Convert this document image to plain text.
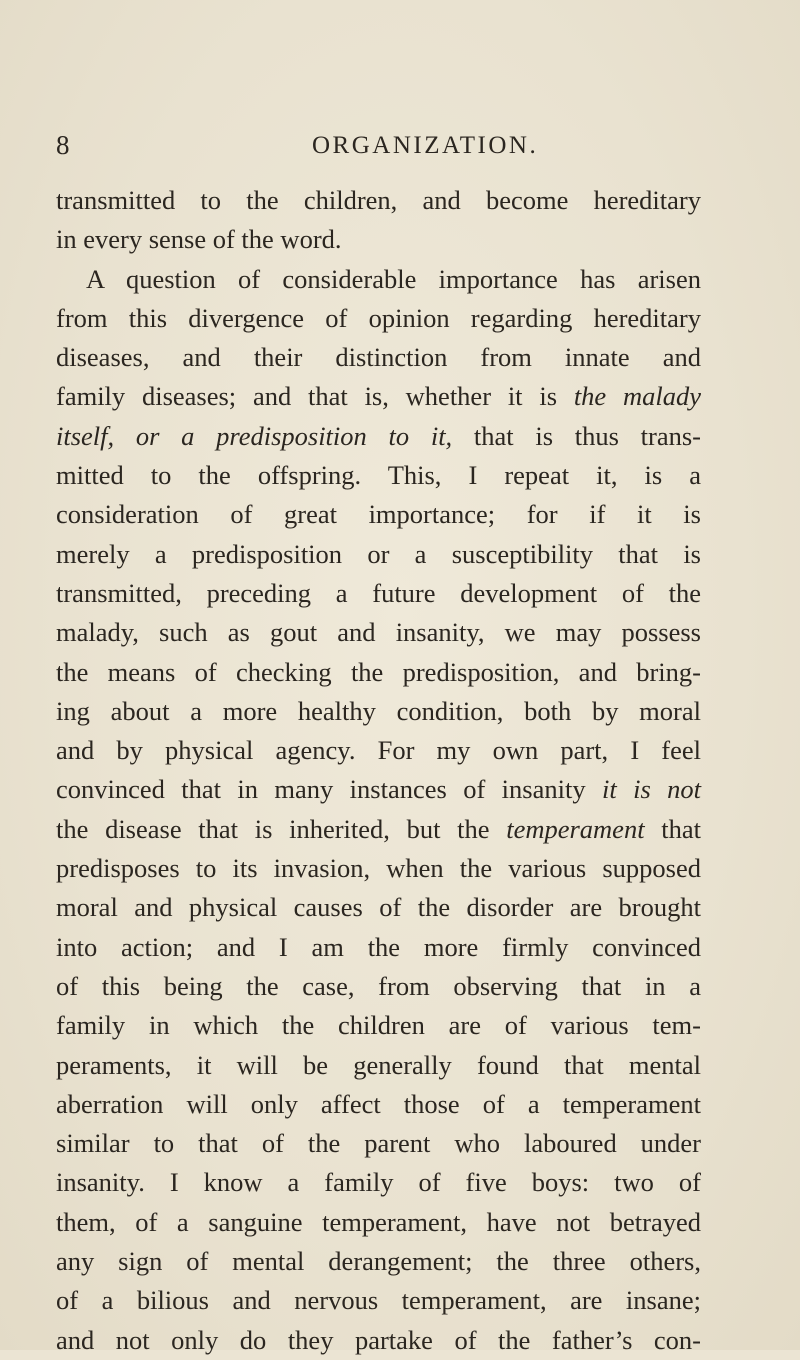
8	ORGANIZATION.
transmitted to the children, and become hereditary
in every sense of the word.
A question of considerable importance has arisen
from this divergence of opinion regarding hereditary
diseases, and their distinction from innate and
family diseases; and that is, whether it is the malady
itself, or a predisposition to it, that is thus trans-
mitted to the offspring. This, I repeat it, is a
consideration of great importance; for if it is
merely a predisposition or a susceptibility that is
transmitted, preceding a future development of the
malady, such as gout and insanity, we may possess
the means of checking the predisposition, and bring-
ing about a more healthy condition, both by moral
and by physical agency. For my own part, I feel
convinced that in many instances of insanity it is not
the disease that is inherited, but the temperament that
predisposes to its invasion, when the various supposed
moral and physical causes of the disorder are brought
into action; and I am the more firmly convinced
of this being the case, from observing that in a
family in which the children are of various tem-
peraments, it will be generally found that mental
aberration will only affect those of a temperament
similar to that of the parent who laboured under
insanity. I know a family of five boys: two of
them, of a sanguine temperament, have not betrayed
any sign of mental derangement; the three others,
of a bilious and nervous temperament, are insane;
and not only do they partake of the father’s con-
